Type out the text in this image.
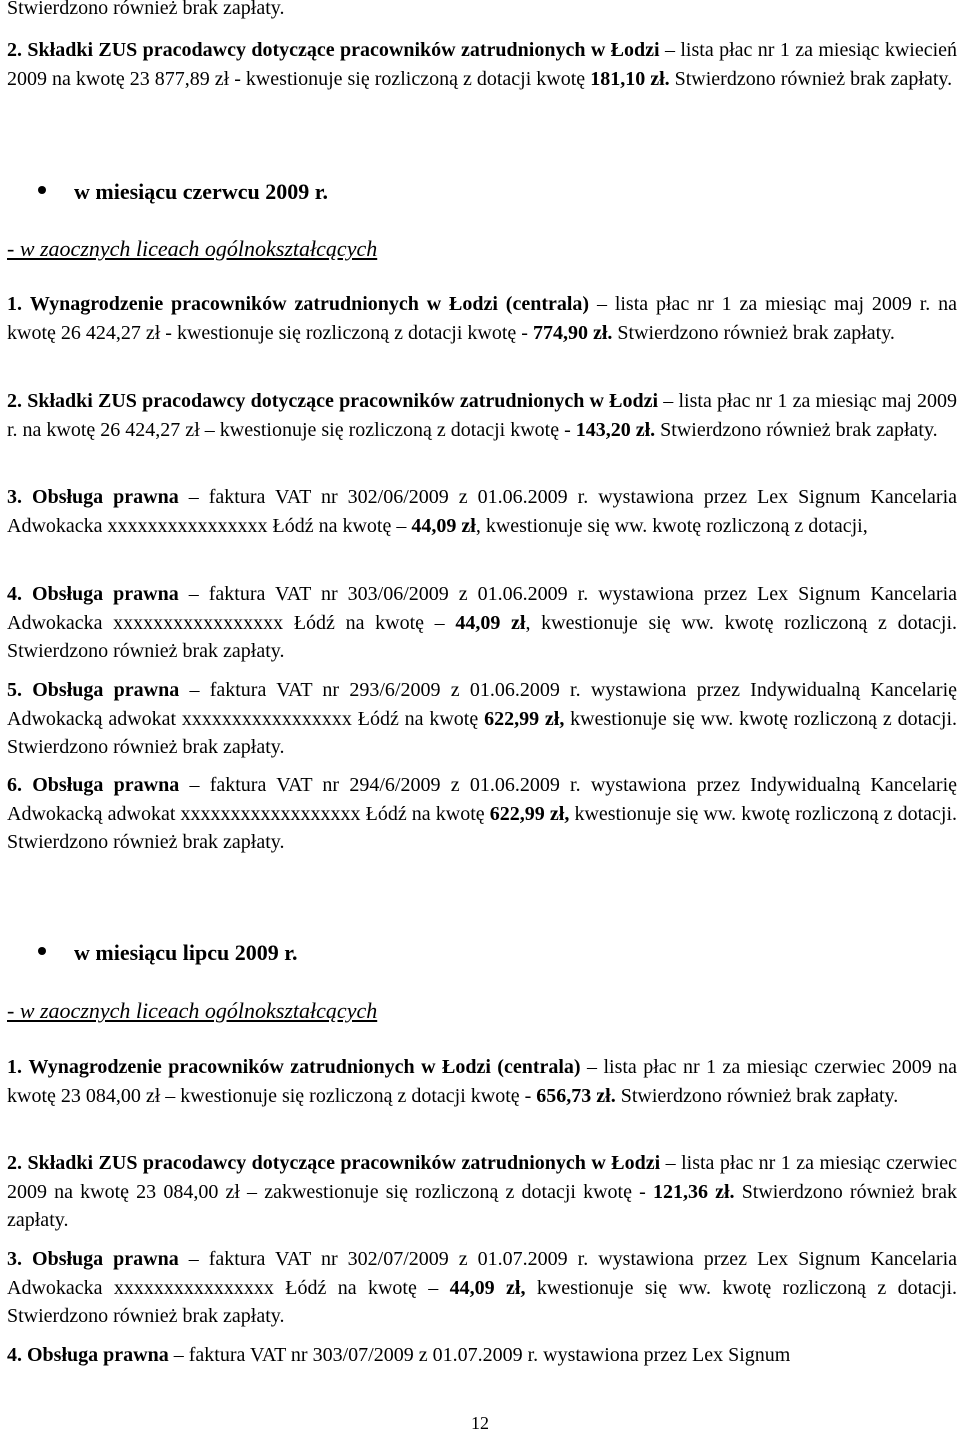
Stwierdzono również brak zapłaty.

2. Składki ZUS pracodawcy dotyczące pracowników zatrudnionych w Łodzi – lista płac nr 1 za miesiąc kwiecień 2009 na kwotę 23 877,89 zł - kwestionuje się rozliczoną z dotacji kwotę 181,10 zł. Stwierdzono również brak zapłaty.

w miesiącu czerwcu 2009 r.

- w zaocznych liceach ogólnokształcących

1. Wynagrodzenie pracowników zatrudnionych w Łodzi (centrala) – lista płac nr 1 za miesiąc maj 2009 r. na kwotę 26 424,27 zł - kwestionuje się rozliczoną z dotacji kwotę - 774,90 zł. Stwierdzono również brak zapłaty.

2. Składki ZUS pracodawcy dotyczące pracowników zatrudnionych w Łodzi – lista płac nr 1 za miesiąc maj 2009 r. na kwotę 26 424,27 zł – kwestionuje się rozliczoną z dotacji kwotę - 143,20 zł. Stwierdzono również brak zapłaty.

3. Obsługa prawna – faktura VAT nr 302/06/2009 z 01.06.2009 r. wystawiona przez Lex Signum Kancelaria Adwokacka xxxxxxxxxxxxxxxx Łódź na kwotę – 44,09 zł, kwestionuje się ww. kwotę rozliczoną z dotacji,

4. Obsługa prawna – faktura VAT nr 303/06/2009 z 01.06.2009 r. wystawiona przez Lex Signum Kancelaria Adwokacka xxxxxxxxxxxxxxxxx Łódź na kwotę – 44,09 zł, kwestionuje się ww. kwotę rozliczoną z dotacji. Stwierdzono również brak zapłaty.

5. Obsługa prawna – faktura VAT nr 293/6/2009 z 01.06.2009 r. wystawiona przez Indywidualną Kancelarię Adwokacką adwokat xxxxxxxxxxxxxxxxx Łódź na kwotę 622,99 zł, kwestionuje się ww. kwotę rozliczoną z dotacji. Stwierdzono również brak zapłaty.

6. Obsługa prawna – faktura VAT nr 294/6/2009 z 01.06.2009 r. wystawiona przez Indywidualną Kancelarię Adwokacką adwokat xxxxxxxxxxxxxxxxxx Łódź na kwotę 622,99 zł, kwestionuje się ww. kwotę rozliczoną z dotacji. Stwierdzono również brak zapłaty.

w miesiącu lipcu 2009 r.

- w zaocznych liceach ogólnokształcących

1. Wynagrodzenie pracowników zatrudnionych w Łodzi (centrala) – lista płac nr 1 za miesiąc czerwiec 2009 na kwotę 23 084,00 zł – kwestionuje się rozliczoną z dotacji kwotę - 656,73 zł. Stwierdzono również brak zapłaty.

2. Składki ZUS pracodawcy dotyczące pracowników zatrudnionych w Łodzi – lista płac nr 1 za miesiąc czerwiec 2009 na kwotę 23 084,00 zł – zakwestionuje się rozliczoną z dotacji kwotę - 121,36 zł. Stwierdzono również brak zapłaty.

3. Obsługa prawna – faktura VAT nr 302/07/2009 z 01.07.2009 r. wystawiona przez Lex Signum Kancelaria Adwokacka xxxxxxxxxxxxxxxx Łódź na kwotę – 44,09 zł, kwestionuje się ww. kwotę rozliczoną z dotacji. Stwierdzono również brak zapłaty.

4. Obsługa prawna – faktura VAT nr 303/07/2009 z 01.07.2009 r. wystawiona przez Lex Signum

12
